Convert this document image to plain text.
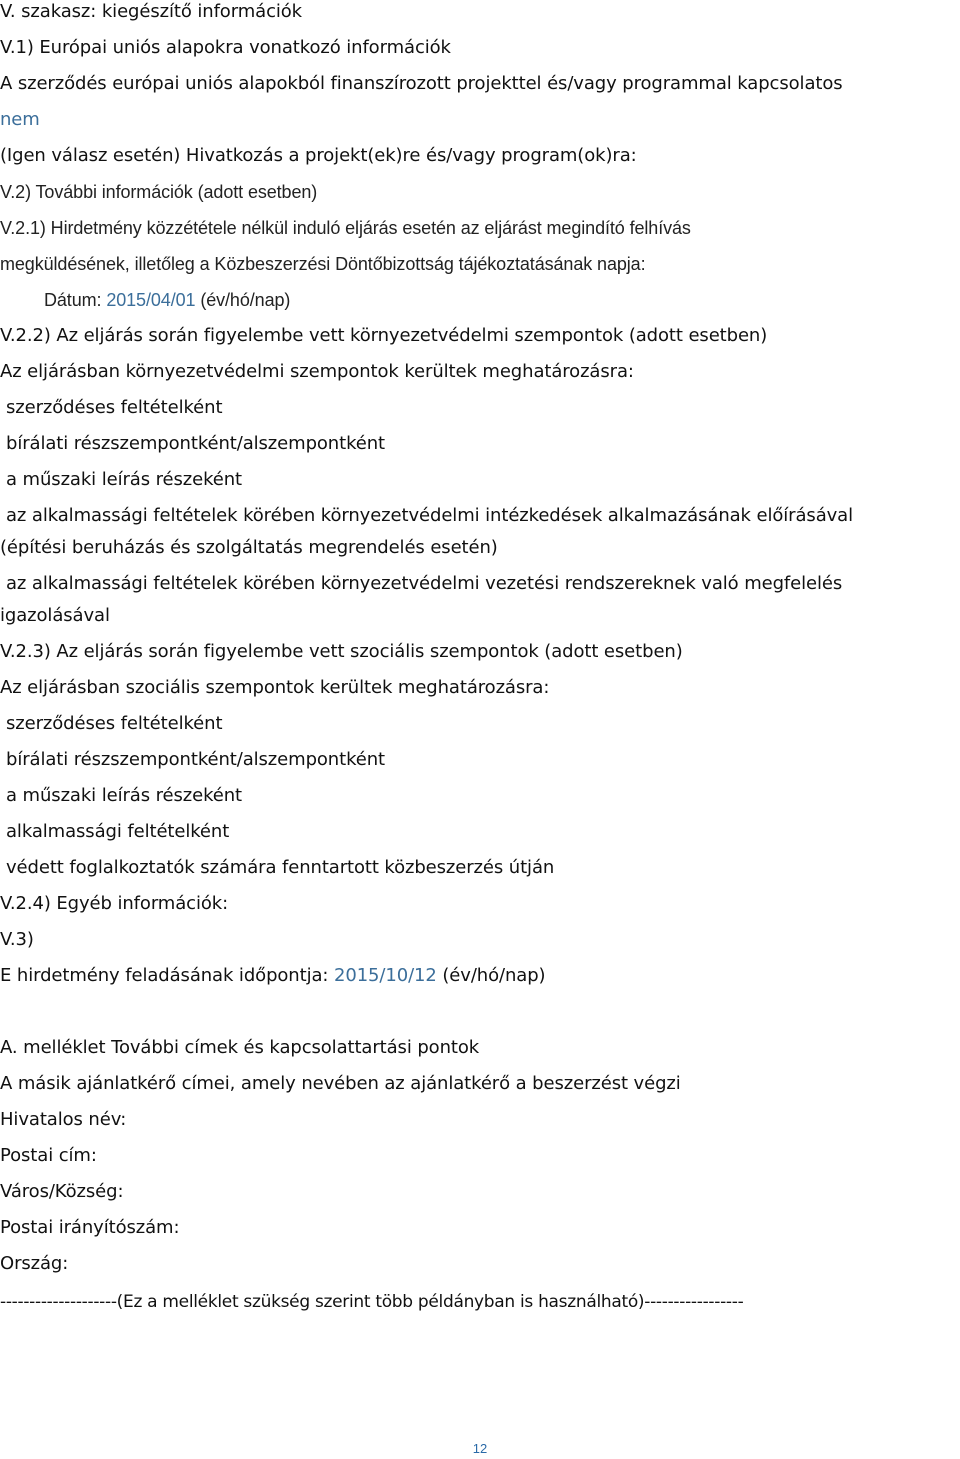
V. szakasz: kiegészítő információk
V.1) Európai uniós alapokra vonatkozó információk
A szerződés európai uniós alapokból finanszírozott projekttel és/vagy programmal kapcsolatos
nem
(Igen válasz esetén) Hivatkozás a projekt(ek)re és/vagy program(ok)ra:
V.2) További információk (adott esetben)
V.2.1) Hirdetmény közzététele nélkül induló eljárás esetén az eljárást megindító felhívás
megküldésének, illetőleg a Közbeszerzési Döntőbizottság tájékoztatásának napja:
Dátum: 2015/04/01 (év/hó/nap)
V.2.2) Az eljárás során figyelembe vett környezetvédelmi szempontok (adott esetben)
Az eljárásban környezetvédelmi szempontok kerültek meghatározásra:
szerződéses feltételként
bírálati részszempontként/alszempontként
a műszaki leírás részeként
az alkalmassági feltételek körében környezetvédelmi intézkedések alkalmazásának előírásával
(építési beruházás és szolgáltatás megrendelés esetén)
az alkalmassági feltételek körében környezetvédelmi vezetési rendszereknek való megfelelés
igazolásával
V.2.3) Az eljárás során figyelembe vett szociális szempontok (adott esetben)
Az eljárásban szociális szempontok kerültek meghatározásra:
szerződéses feltételként
bírálati részszempontként/alszempontként
a műszaki leírás részeként
alkalmassági feltételként
védett foglalkoztatók számára fenntartott közbeszerzés útján
V.2.4) Egyéb információk:
V.3)
E hirdetmény feladásának időpontja: 2015/10/12 (év/hó/nap)
A. melléklet További címek és kapcsolattartási pontok
A másik ajánlatkérő címei, amely nevében az ajánlatkérő a beszerzést végzi
Hivatalos név:
Postai cím:
Város/Község:
Postai irányítószám:
Ország:
--------------------(Ez a melléklet szükség szerint több példányban is használható)-----------------
12
